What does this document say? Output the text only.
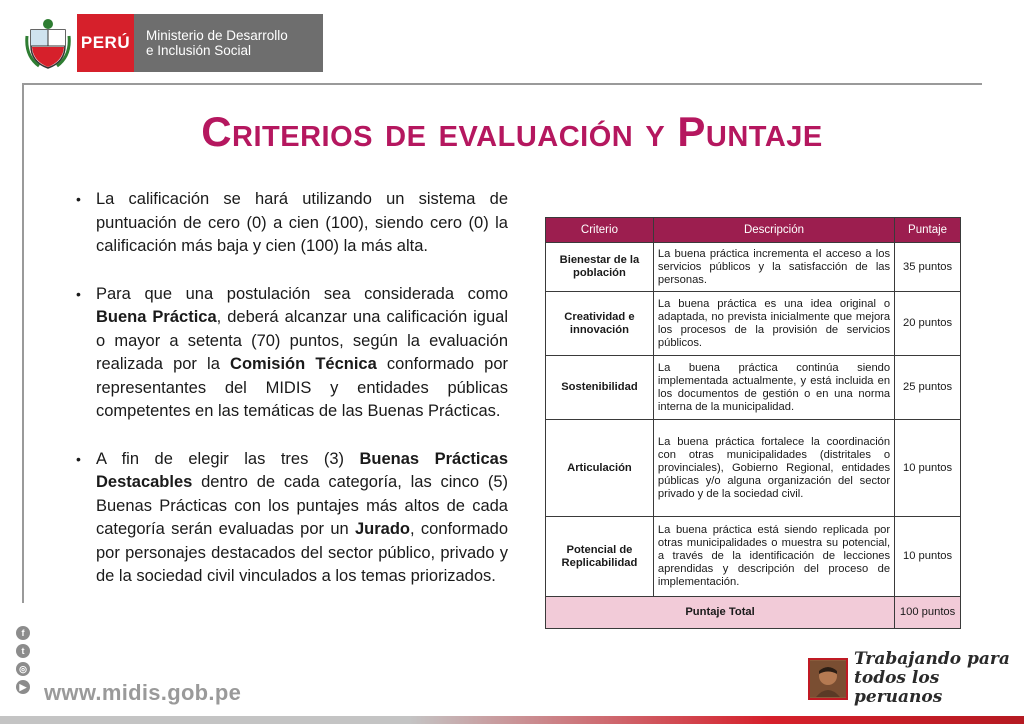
PERÚ Ministerio de Desarrollo
e Inclusión Social
Criterios de evaluación y Puntaje
• La calificación se hará utilizando un sistema de puntuación de cero (0) a cien (100), siendo cero (0) la calificación más baja y cien (100) la más alta.
• Para que una postulación sea considerada como Buena Práctica, deberá alcanzar una calificación igual o mayor a setenta (70) puntos, según la evaluación realizada por la Comisión Técnica conformado por representantes del MIDIS y entidades públicas competentes en las temáticas de las Buenas Prácticas.
• A fin de elegir las tres (3) Buenas Prácticas Destacables dentro de cada categoría, las cinco (5) Buenas Prácticas con los puntajes más altos de cada categoría serán evaluadas por un Jurado, conformado por personajes destacados del sector público, privado y de la sociedad civil vinculados a los temas priorizados.
Criterio	Descripción	Puntaje
Bienestar de la población	La buena práctica incrementa el acceso a los servicios públicos y la satisfacción de las personas.	35 puntos
Creatividad e innovación	La buena práctica es una idea original o adaptada, no prevista inicialmente que mejora los procesos de la provisión de servicios públicos.	20 puntos
Sostenibilidad	La buena práctica continúa siendo implementada actualmente, y está incluida en los documentos de gestión o en una norma interna de la municipalidad.	25 puntos
Articulación	La buena práctica fortalece la coordinación con otras municipalidades (distritales o provinciales), Gobierno Regional, entidades públicas y/o alguna organización del sector privado y de la sociedad civil.	10 puntos
Potencial de Replicabilidad	La buena práctica está siendo replicada por otras municipalidades o muestra su potencial, a través de la identificación de lecciones aprendidas y descripción del proceso de implementación.	10 puntos
Puntaje Total		100 puntos
f
t
◎
▶ www.midis.gob.pe
Trabajando para
todos los peruanos
